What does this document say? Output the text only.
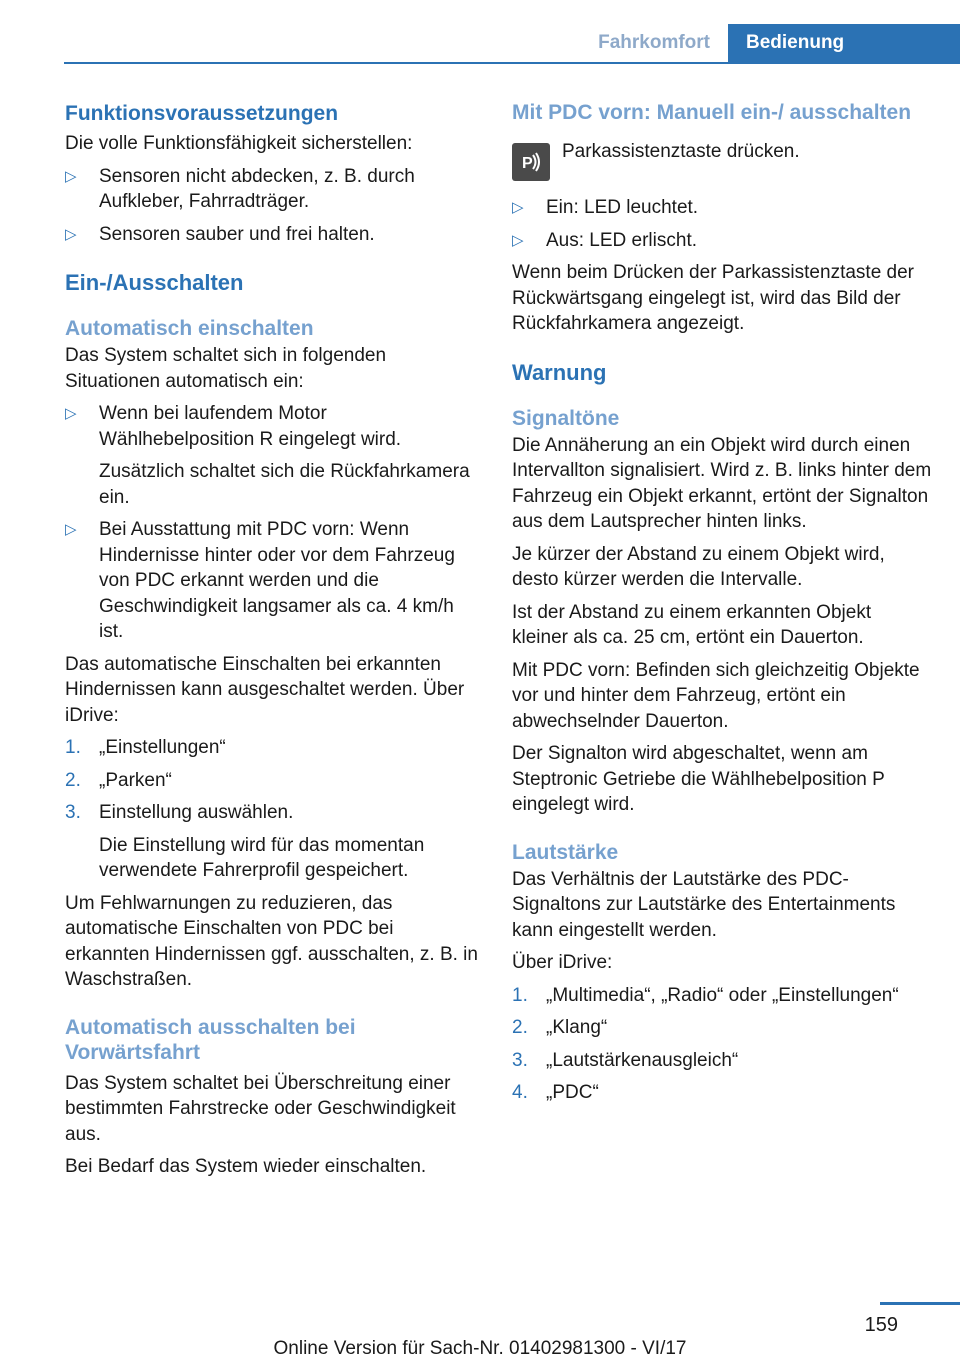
Fahrkomfort	Bedienung
Funktionsvoraussetzungen

Die volle Funktionsfähigkeit sicherstellen:

▷ Sensoren nicht abdecken, z. B. durch Aufkleber, Fahrradträger.
▷ Sensoren sauber und frei halten.
Ein-/Ausschalten
Automatisch einschalten

Das System schaltet sich in folgenden Situationen automatisch ein:

▷ Wenn bei laufendem Motor Wählhebelposition R eingelegt wird.
Zusätzlich schaltet sich die Rückfahrkamera ein.
▷ Bei Ausstattung mit PDC vorn: Wenn Hindernisse hinter oder vor dem Fahrzeug von PDC erkannt werden und die Geschwindigkeit langsamer als ca. 4 km/h ist.

Das automatische Einschalten bei erkannten Hindernissen kann ausgeschaltet werden. Über iDrive:

1. „Einstellungen“
2. „Parken“
3. Einstellung auswählen.
Die Einstellung wird für das momentan verwendete Fahrerprofil gespeichert.

Um Fehlwarnungen zu reduzieren, das automatische Einschalten von PDC bei erkannten Hindernissen ggf. ausschalten, z. B. in Waschstraßen.

Automatisch ausschalten bei Vorwärtsfahrt

Das System schaltet bei Überschreitung einer bestimmten Fahrstrecke oder Geschwindigkeit aus.

Bei Bedarf das System wieder einschalten.

Mit PDC vorn: Manuell ein-/ ausschalten
P

Parkassistenztaste drücken.

▷ Ein: LED leuchtet.
▷ Aus: LED erlischt.

Wenn beim Drücken der Parkassistenztaste der Rückwärtsgang eingelegt ist, wird das Bild der Rückfahrkamera angezeigt.

Warnung
Signaltöne

Die Annäherung an ein Objekt wird durch einen Intervallton signalisiert. Wird z. B. links hinter dem Fahrzeug ein Objekt erkannt, ertönt der Signalton aus dem Lautsprecher hinten links.

Je kürzer der Abstand zu einem Objekt wird, desto kürzer werden die Intervalle.

Ist der Abstand zu einem erkannten Objekt kleiner als ca. 25 cm, ertönt ein Dauerton.

Mit PDC vorn: Befinden sich gleichzeitig Objekte vor und hinter dem Fahrzeug, ertönt ein abwechselnder Dauerton.

Der Signalton wird abgeschaltet, wenn am Steptronic Getriebe die Wählhebelposition P eingelegt wird.

Lautstärke

Das Verhältnis der Lautstärke des PDC-Signaltons zur Lautstärke des Entertainments kann eingestellt werden.

Über iDrive:

1. „Multimedia“, „Radio“ oder „Einstellungen“
2. „Klang“
3. „Lautstärkenausgleich“
4. „PDC“
159
Online Version für Sach-Nr. 01402981300 - VI/17
